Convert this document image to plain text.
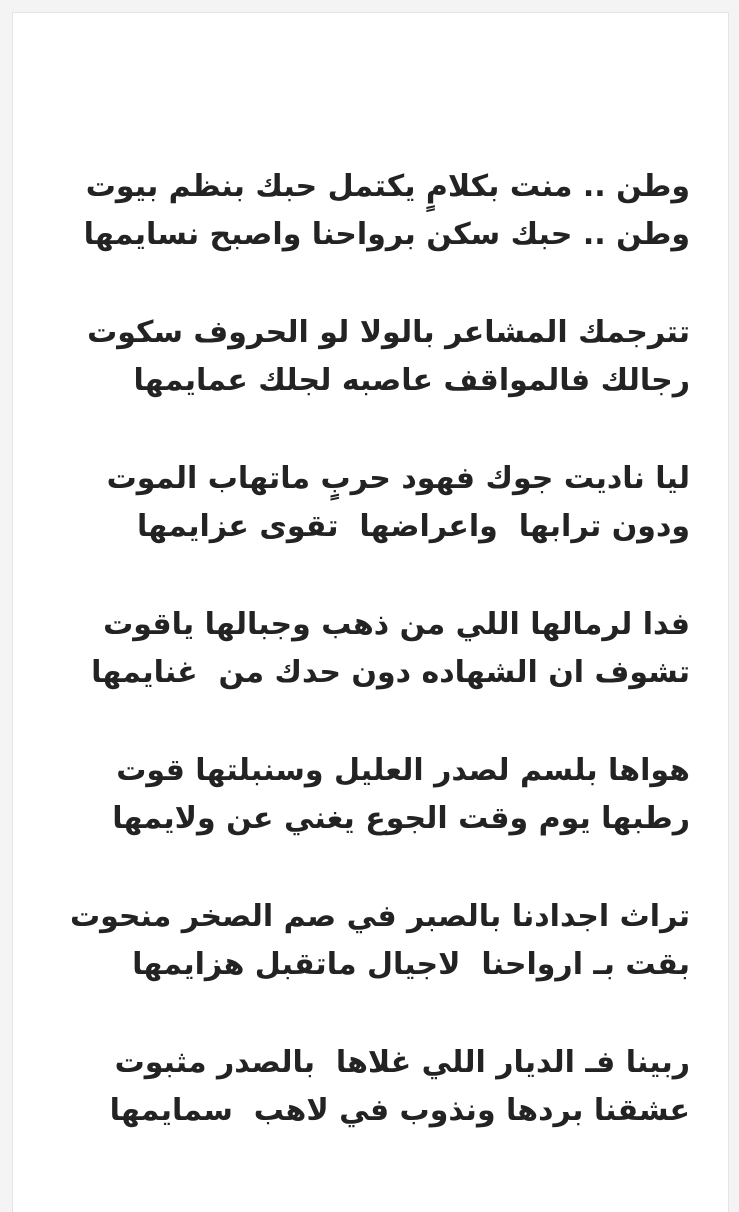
وطن .. منت بكلامٍ يكتمل حبك بنظم بيوت
وطن .. حبك سكن برواحنا واصبح نسايمها
تترجمك المشاعر بالولا لو الحروف سكوت
رجالك فالمواقف عاصبه لجلك عمايمها
ليا ناديت جوك فهود حربٍ ماتهاب الموت
ودون ترابها  واعراضها  تقوى عزايمها
فدا لرمالها اللي من ذهب وجبالها ياقوت
تشوف ان الشهاده دون حدك من  غنايمها
هواها بلسم لصدر العليل وسنبلتها قوت
رطبها يوم وقت الجوع يغني عن ولايمها
تراث اجدادنا بالصبر في صم الصخر منحوت
بقت بـ ارواحنا  لاجيال ماتقبل هزايمها
ربينا فـ الديار اللي غلاها  بالصدر مثبوت
عشقنا بردها ونذوب في لاهب  سمايمها
